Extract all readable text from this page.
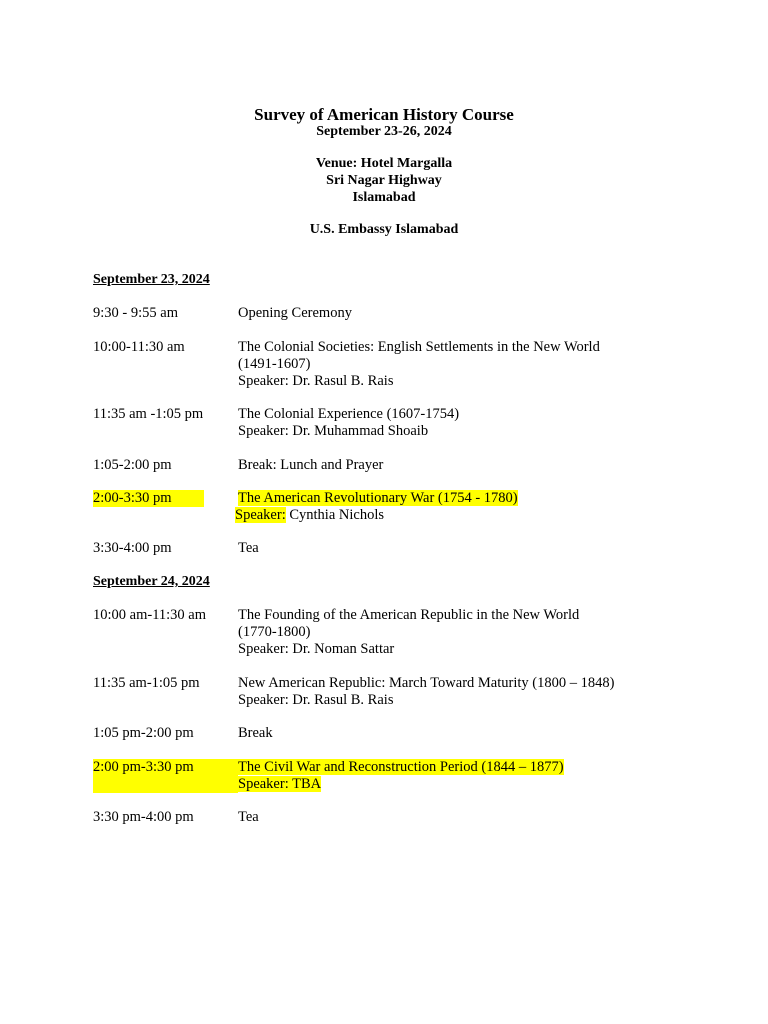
Survey of American History Course
September 23-26, 2024
Venue: Hotel Margalla
Sri Nagar Highway
Islamabad
U.S. Embassy Islamabad
September 23, 2024
9:30 - 9:55 am	Opening Ceremony
10:00-11:30 am	The Colonial Societies: English Settlements in the New World
(1491-1607)
Speaker: Dr. Rasul B. Rais
11:35 am -1:05 pm The Colonial Experience (1607-1754)
Speaker: Dr. Muhammad Shoaib
1:05-2:00 pm	Break: Lunch and Prayer
2:00-3:30 pm	The American Revolutionary War (1754 - 1780)
Speaker: Cynthia Nichols
3:30-4:00 pm	Tea
September 24, 2024
10:00 am-11:30 am The Founding of the American Republic in the New World
(1770-1800)
Speaker: Dr. Noman Sattar
11:35 am-1:05 pm	New American Republic: March Toward Maturity (1800 – 1848)
Speaker: Dr. Rasul B. Rais
1:05 pm-2:00 pm	Break
2:00 pm-3:30 pm	The Civil War and Reconstruction Period (1844 – 1877)
Speaker: TBA
3:30 pm-4:00 pm	Tea
